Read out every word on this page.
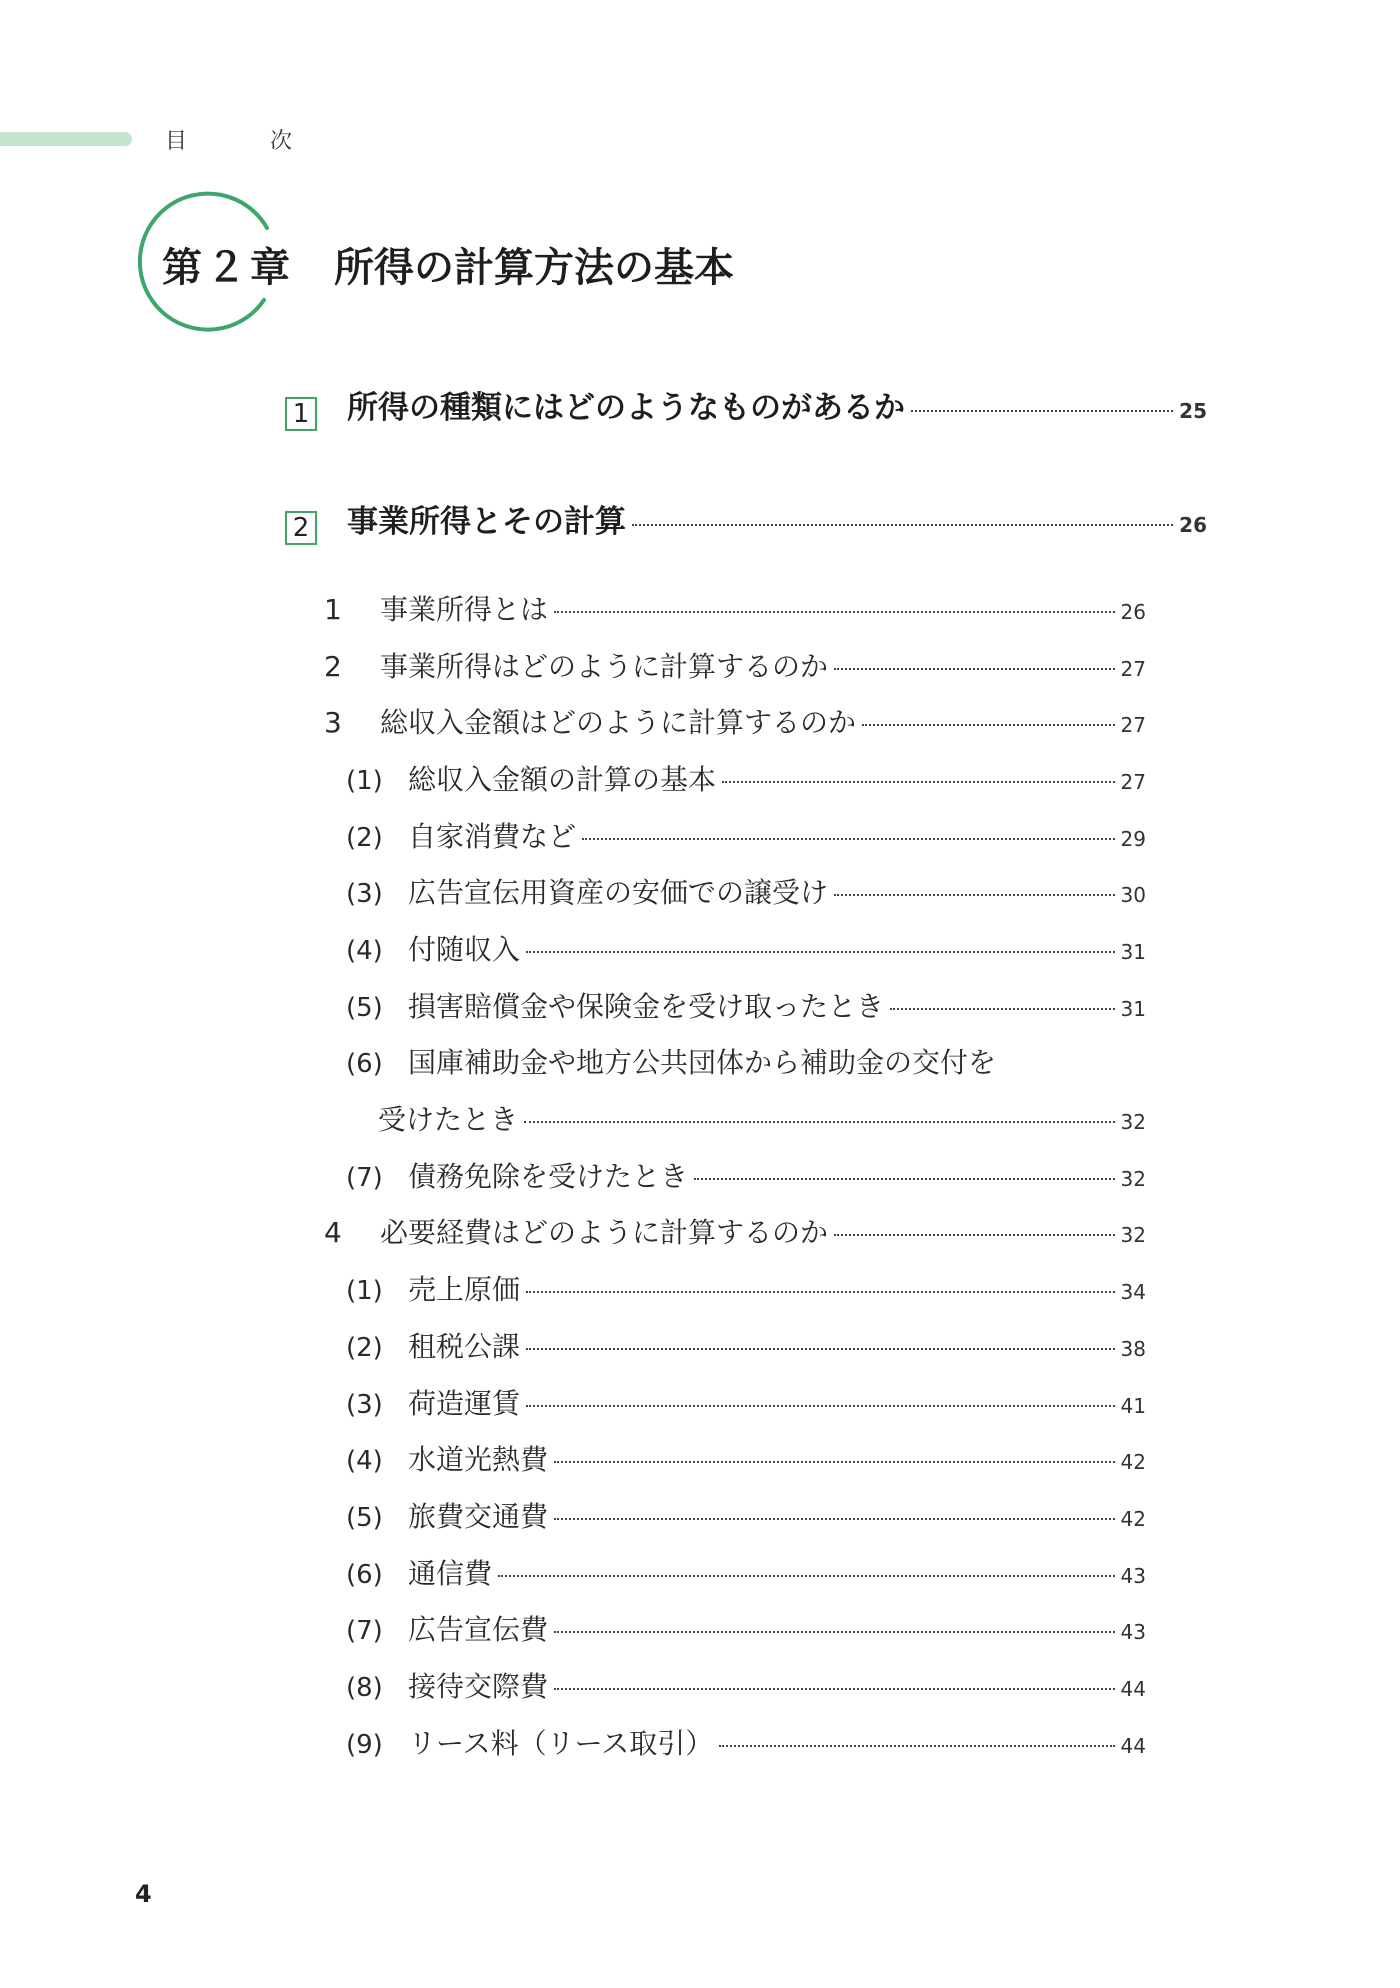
目 次
第２章 所得の計算方法の基本
1 所得の種類にはどのようなものがあるか	25
2 事業所得とその計算	26
1	事業所得とは	26
2	事業所得はどのように計算するのか	27
3	総収入金額はどのように計算するのか	27
(1) 総収入金額の計算の基本	27
(2) 自家消費など	29
(3) 広告宣伝用資産の安価での譲受け	30
(4) 付随収入	31
(5) 損害賠償金や保険金を受け取ったとき	31
(6) 国庫補助金や地方公共団体から補助金の交付を
受けたとき	32
(7) 債務免除を受けたとき	32
4	必要経費はどのように計算するのか	32
(1) 売上原価	34
(2) 租税公課	38
(3) 荷造運賃	41
(4) 水道光熱費	42
(5) 旅費交通費	42
(6) 通信費	43
(7) 広告宣伝費	43
(8) 接待交際費	44
(9) リース料（リース取引）	44
4
